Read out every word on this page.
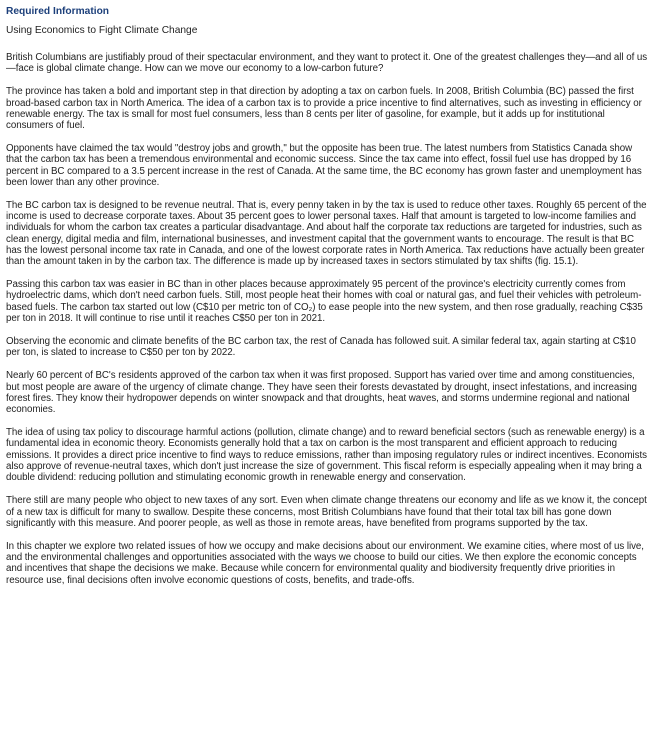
Required Information
Using Economics to Fight Climate Change

British Columbians are justifiably proud of their spectacular environment, and they want to protect it. One of the greatest challenges they—and all of us—face is global climate change. How can we move our economy to a low-carbon future?

The province has taken a bold and important step in that direction by adopting a tax on carbon fuels. In 2008, British Columbia (BC) passed the first broad-based carbon tax in North America. The idea of a carbon tax is to provide a price incentive to find alternatives, such as investing in efficiency or renewable energy. The tax is small for most fuel consumers, less than 8 cents per liter of gasoline, for example, but it adds up for institutional consumers of fuel.

Opponents have claimed the tax would "destroy jobs and growth," but the opposite has been true. The latest numbers from Statistics Canada show that the carbon tax has been a tremendous environmental and economic success. Since the tax came into effect, fossil fuel use has dropped by 16 percent in BC compared to a 3.5 percent increase in the rest of Canada. At the same time, the BC economy has grown faster and unemployment has been lower than any other province.

The BC carbon tax is designed to be revenue neutral. That is, every penny taken in by the tax is used to reduce other taxes. Roughly 65 percent of the income is used to decrease corporate taxes. About 35 percent goes to lower personal taxes. Half that amount is targeted to low-income families and individuals for whom the carbon tax creates a particular disadvantage. And about half the corporate tax reductions are targeted for industries, such as clean energy, digital media and film, international businesses, and investment capital that the government wants to encourage. The result is that BC has the lowest personal income tax rate in Canada, and one of the lowest corporate rates in North America. Tax reductions have actually been greater than the amount taken in by the carbon tax. The difference is made up by increased taxes in sectors stimulated by tax shifts (fig. 15.1).

Passing this carbon tax was easier in BC than in other places because approximately 95 percent of the province's electricity currently comes from hydroelectric dams, which don't need carbon fuels. Still, most people heat their homes with coal or natural gas, and fuel their vehicles with petroleum-based fuels. The carbon tax started out low (C$10 per metric ton of CO₂) to ease people into the new system, and then rose gradually, reaching C$35 per ton in 2018. It will continue to rise until it reaches C$50 per ton in 2021.

Observing the economic and climate benefits of the BC carbon tax, the rest of Canada has followed suit. A similar federal tax, again starting at C$10 per ton, is slated to increase to C$50 per ton by 2022.

Nearly 60 percent of BC's residents approved of the carbon tax when it was first proposed. Support has varied over time and among constituencies, but most people are aware of the urgency of climate change. They have seen their forests devastated by drought, insect infestations, and increasing forest fires. They know their hydropower depends on winter snowpack and that droughts, heat waves, and storms undermine regional and national economies.

The idea of using tax policy to discourage harmful actions (pollution, climate change) and to reward beneficial sectors (such as renewable energy) is a fundamental idea in economic theory. Economists generally hold that a tax on carbon is the most transparent and efficient approach to reducing emissions. It provides a direct price incentive to find ways to reduce emissions, rather than imposing regulatory rules or indirect incentives. Economists also approve of revenue-neutral taxes, which don't just increase the size of government. This fiscal reform is especially appealing when it may bring a double dividend: reducing pollution and stimulating economic growth in renewable energy and conservation.

There still are many people who object to new taxes of any sort. Even when climate change threatens our economy and life as we know it, the concept of a new tax is difficult for many to swallow. Despite these concerns, most British Columbians have found that their total tax bill has gone down significantly with this measure. And poorer people, as well as those in remote areas, have benefited from programs supported by the tax.

In this chapter we explore two related issues of how we occupy and make decisions about our environment. We examine cities, where most of us live, and the environmental challenges and opportunities associated with the ways we choose to build our cities. We then explore the economic concepts and incentives that shape the decisions we make. Because while concern for environmental quality and biodiversity frequently drive priorities in resource use, final decisions often involve economic questions of costs, benefits, and trade-offs.
